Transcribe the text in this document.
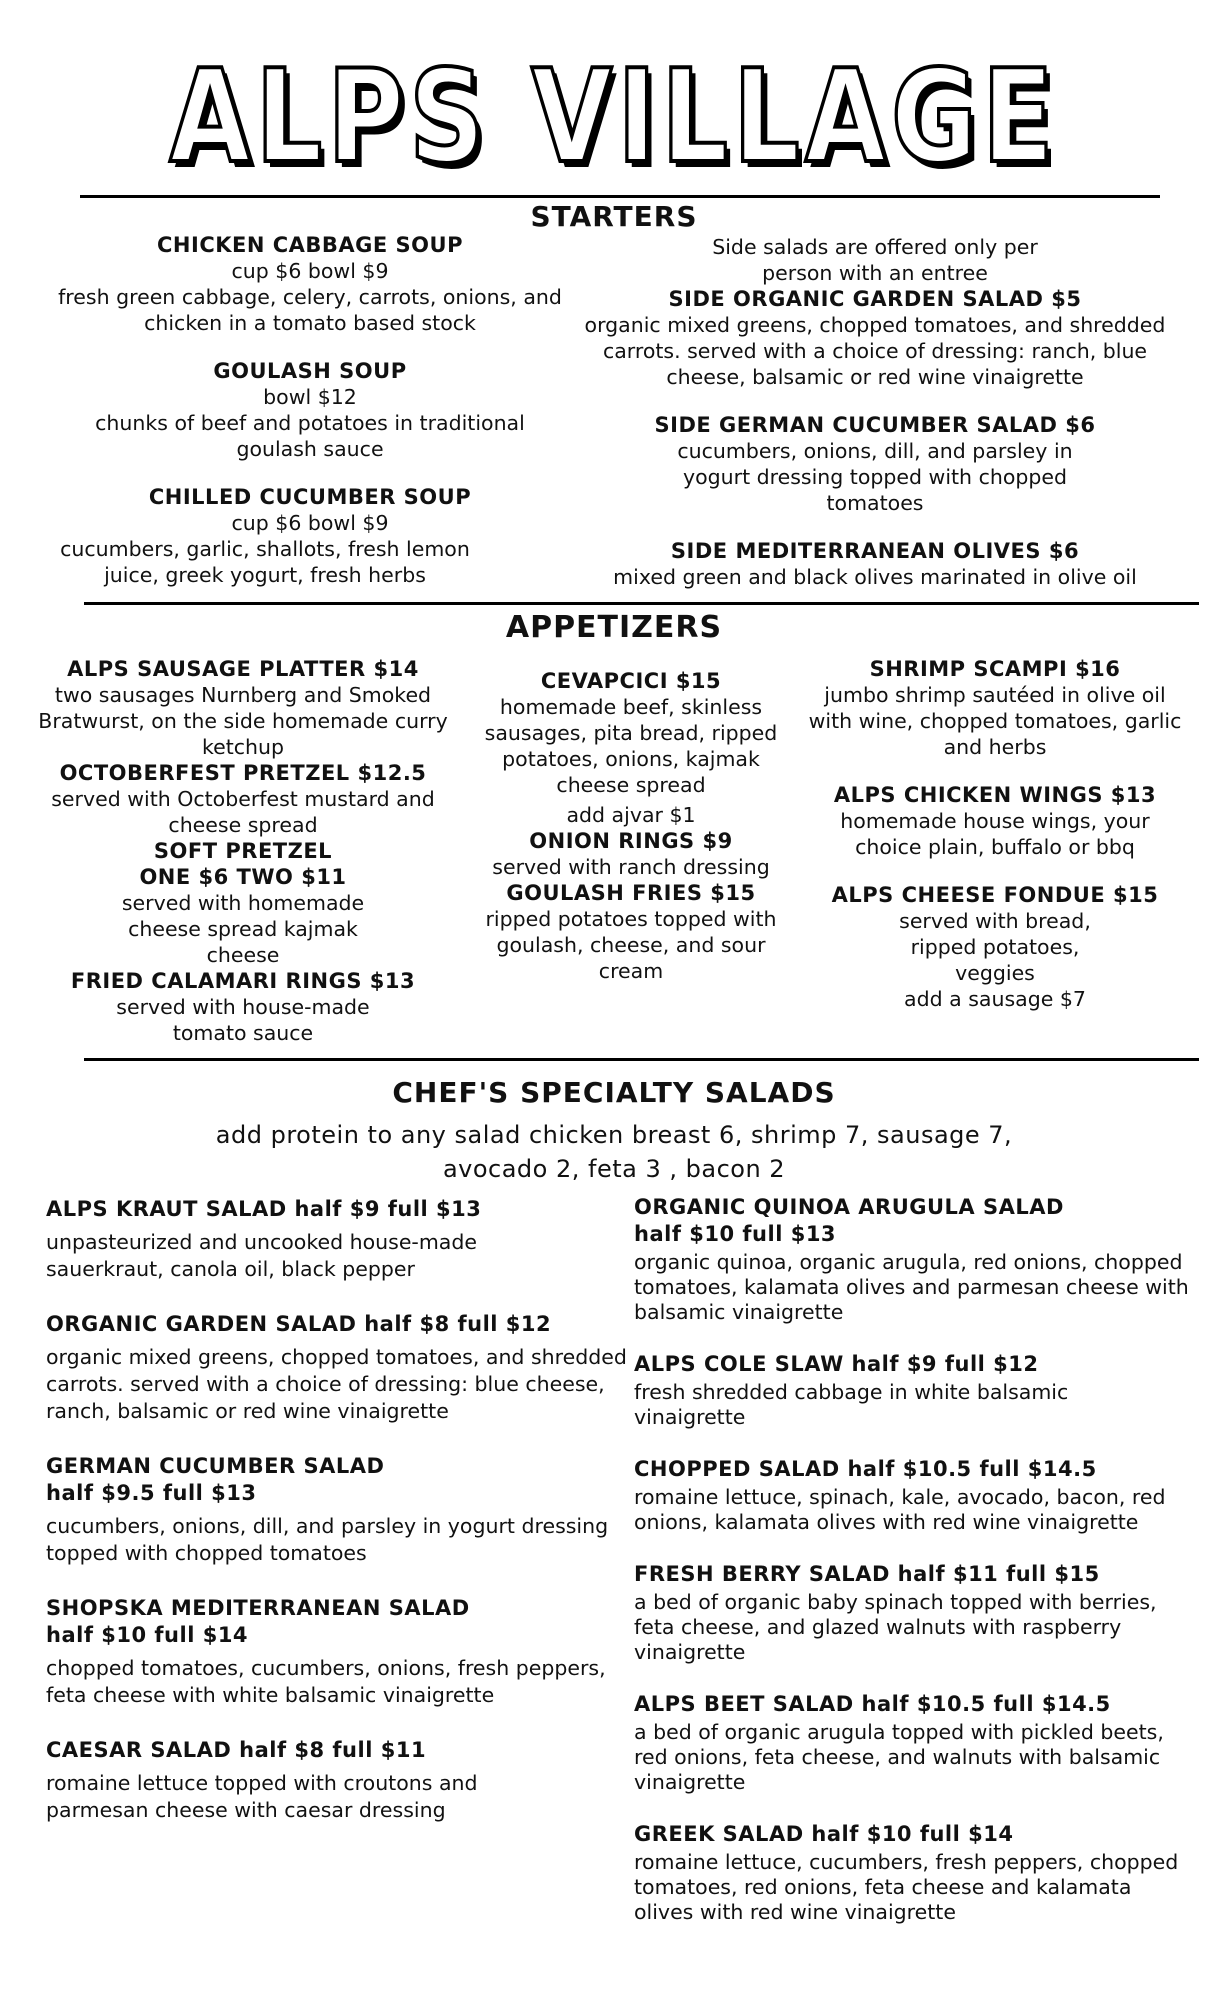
ALPS VILLAGE
STARTERS
CHICKEN CABBAGE SOUP
cup $6 bowl $9
fresh green cabbage, celery, carrots, onions, and chicken in a tomato based stock
GOULASH SOUP
bowl $12
chunks of beef and potatoes in traditional goulash sauce
CHILLED CUCUMBER SOUP
cup $6 bowl $9
cucumbers, garlic, shallots, fresh lemon juice, greek yogurt, fresh herbs
Side salads are offered only per person with an entree
SIDE ORGANIC GARDEN SALAD $5
organic mixed greens, chopped tomatoes, and shredded carrots. served with a choice of dressing: ranch, blue cheese, balsamic or red wine vinaigrette
SIDE GERMAN CUCUMBER SALAD $6
cucumbers, onions, dill, and parsley in yogurt dressing topped with chopped tomatoes
SIDE MEDITERRANEAN OLIVES $6
mixed green and black olives marinated in olive oil
APPETIZERS
ALPS SAUSAGE PLATTER $14
two sausages Nurnberg and Smoked Bratwurst, on the side homemade curry ketchup
OCTOBERFEST PRETZEL $12.5
served with Octoberfest mustard and cheese spread
SOFT PRETZEL
ONE $6 TWO $11
served with homemade cheese spread kajmak cheese
FRIED CALAMARI RINGS $13
served with house-made tomato sauce
CEVAPCICI $15
homemade beef, skinless sausages, pita bread, ripped potatoes, onions, kajmak cheese spread
add ajvar $1
ONION RINGS $9
served with ranch dressing
GOULASH FRIES $15
ripped potatoes topped with goulash, cheese, and sour cream
SHRIMP SCAMPI $16
jumbo shrimp sautéed in olive oil with wine, chopped tomatoes, garlic and herbs
ALPS CHICKEN WINGS $13
homemade house wings, your choice plain, buffalo or bbq
ALPS CHEESE FONDUE $15
served with bread, ripped potatoes, veggies
add a sausage $7
CHEF'S SPECIALTY SALADS
add protein to any salad chicken breast 6, shrimp 7, sausage 7,
avocado 2, feta 3 , bacon 2
ALPS KRAUT SALAD half $9 full $13
unpasteurized and uncooked house-made sauerkraut, canola oil, black pepper
ORGANIC GARDEN SALAD half $8 full $12
organic mixed greens, chopped tomatoes, and shredded carrots. served with a choice of dressing: blue cheese, ranch, balsamic or red wine vinaigrette
GERMAN CUCUMBER SALAD
half $9.5 full $13
cucumbers, onions, dill, and parsley in yogurt dressing topped with chopped tomatoes
SHOPSKA MEDITERRANEAN SALAD
half $10 full $14
chopped tomatoes, cucumbers, onions, fresh peppers, feta cheese with white balsamic vinaigrette
CAESAR SALAD half $8 full $11
romaine lettuce topped with croutons and parmesan cheese with caesar dressing
ORGANIC QUINOA ARUGULA SALAD
half $10 full $13
organic quinoa, organic arugula, red onions, chopped tomatoes, kalamata olives and parmesan cheese with balsamic vinaigrette
ALPS COLE SLAW half $9 full $12
fresh shredded cabbage in white balsamic vinaigrette
CHOPPED SALAD half $10.5 full $14.5
romaine lettuce, spinach, kale, avocado, bacon, red onions, kalamata olives with red wine vinaigrette
FRESH BERRY SALAD half $11 full $15
a bed of organic baby spinach topped with berries, feta cheese, and glazed walnuts with raspberry vinaigrette
ALPS BEET SALAD half $10.5 full $14.5
a bed of organic arugula topped with pickled beets, red onions, feta cheese, and walnuts with balsamic vinaigrette
GREEK SALAD half $10 full $14
romaine lettuce, cucumbers, fresh peppers, chopped tomatoes, red onions, feta cheese and kalamata olives with red wine vinaigrette
